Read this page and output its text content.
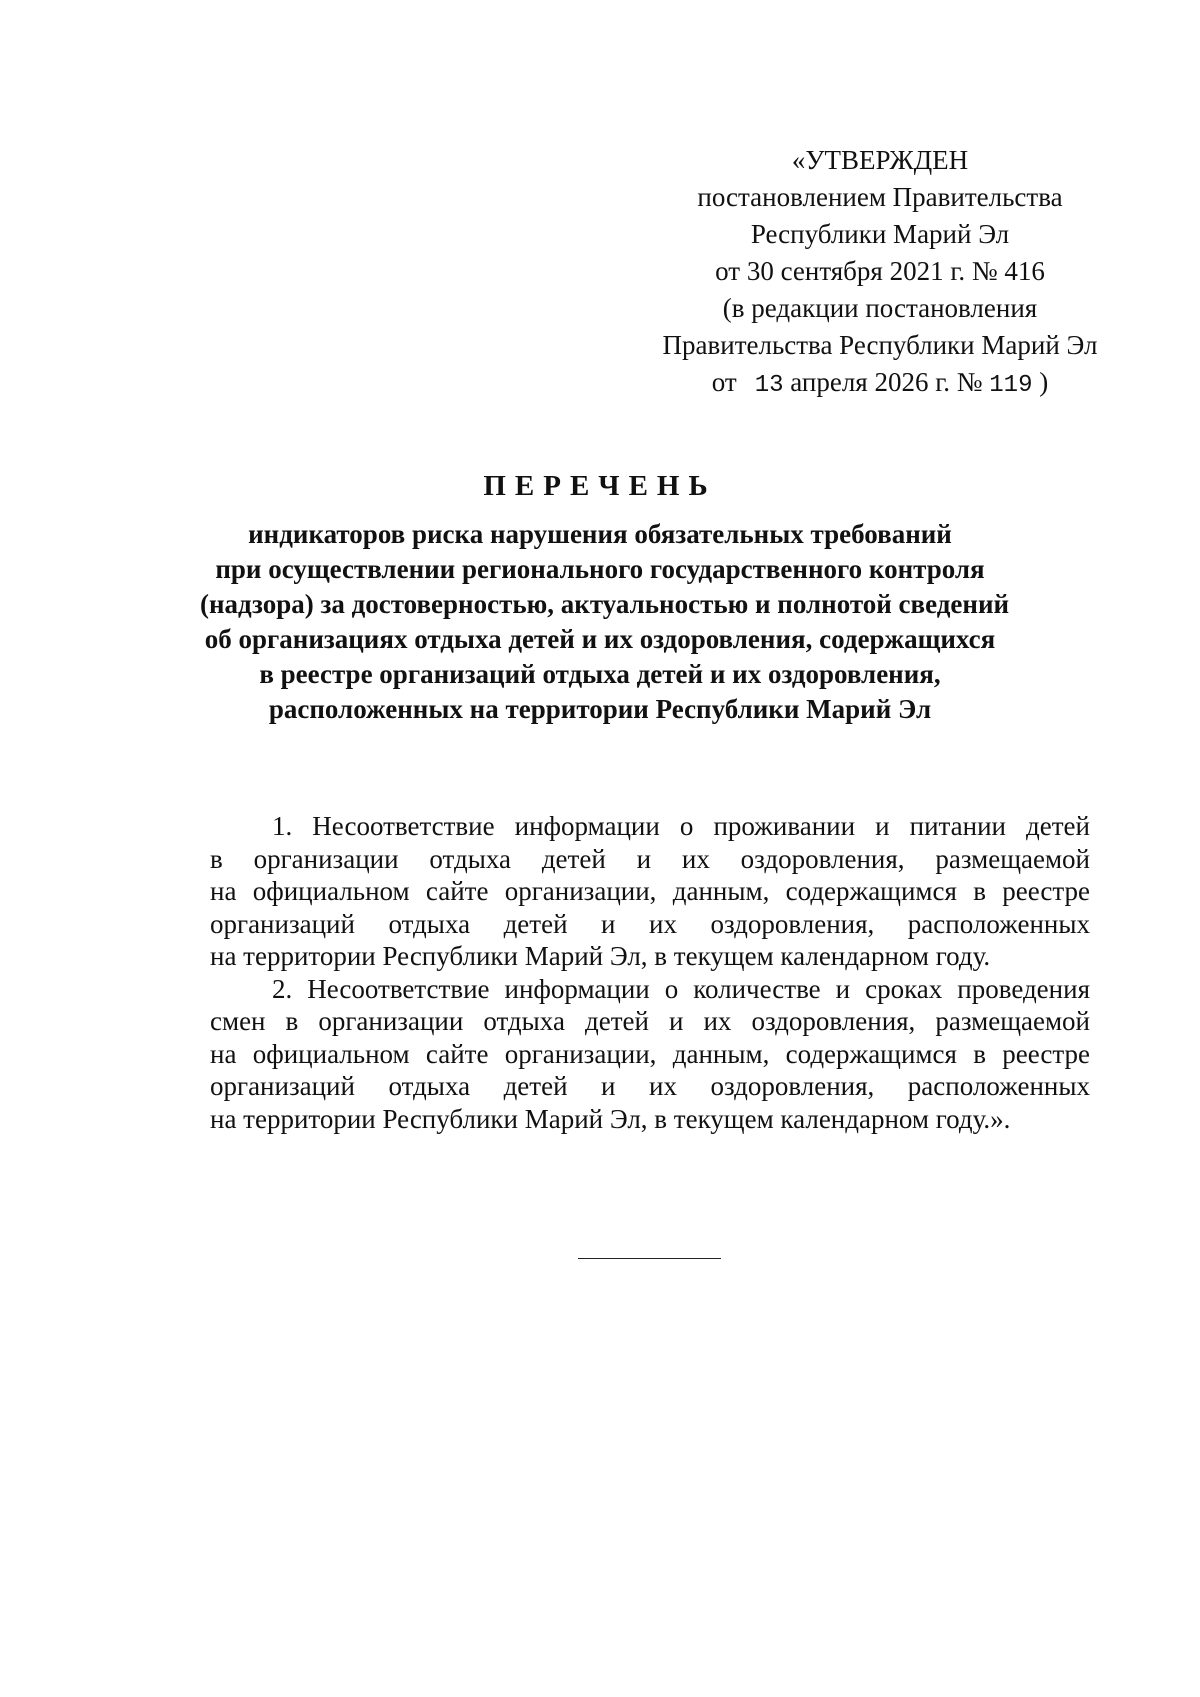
«УТВЕРЖДЕН
постановлением Правительства
Республики Марий Эл
от 30 сентября 2021 г. № 416
(в редакции постановления
Правительства Республики Марий Эл
от 13 апреля 2026 г. № 119 )
ПЕРЕЧЕНЬ
индикаторов риска нарушения обязательных требований
при осуществлении регионального государственного контроля
(надзора) за достоверностью, актуальностью и полнотой сведений
об организациях отдыха детей и их оздоровления, содержащихся
в реестре организаций отдыха детей и их оздоровления,
расположенных на территории Республики Марий Эл
1. Несоответствие информации о проживании и питании детей
в организации отдыха детей и их оздоровления, размещаемой
на официальном сайте организации, данным, содержащимся в реестре
организаций отдыха детей и их оздоровления, расположенных
на территории Республики Марий Эл, в текущем календарном году.
2. Несоответствие информации о количестве и сроках проведения
смен в организации отдыха детей и их оздоровления, размещаемой
на официальном сайте организации, данным, содержащимся в реестре
организаций отдыха детей и их оздоровления, расположенных
на территории Республики Марий Эл, в текущем календарном году.».
